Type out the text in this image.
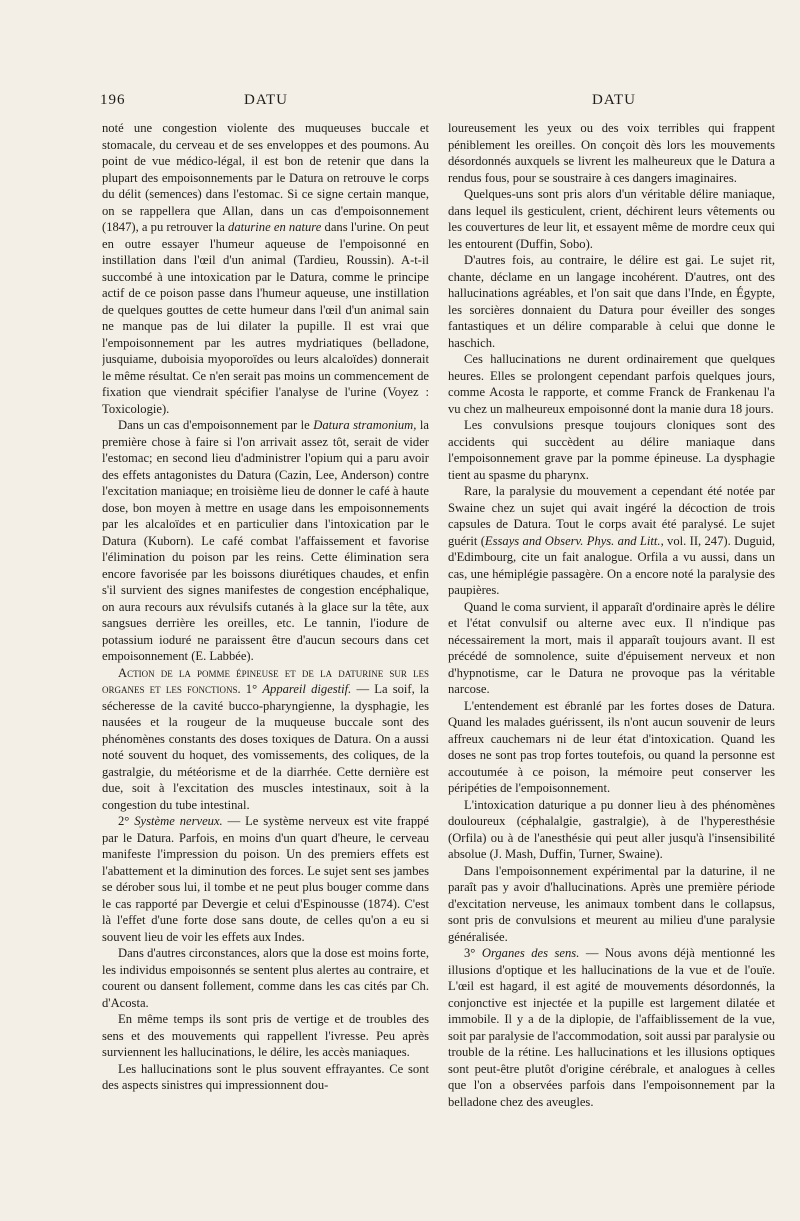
196	DATU	DATU

noté une congestion violente des muqueuses buccale et stomacale, du cerveau et de ses enveloppes et des poumons. Au point de vue médico-légal, il est bon de retenir que dans la plupart des empoisonnements par le Datura on retrouve le corps du délit (semences) dans l'estomac. Si ce signe certain manque, on se rappellera que Allan, dans un cas d'empoisonnement (1847), a pu retrouver la daturine en nature dans l'urine. On peut en outre essayer l'humeur aqueuse de l'empoisonné en instillation dans l'œil d'un animal (Tardieu, Roussin). A-t-il succombé à une intoxication par le Datura, comme le principe actif de ce poison passe dans l'humeur aqueuse, une instillation de quelques gouttes de cette humeur dans l'œil d'un animal sain ne manque pas de lui dilater la pupille. Il est vrai que l'empoisonnement par les autres mydriatiques (belladone, jusquiame, duboisia myoporoïdes ou leurs alcaloïdes) donnerait le même résultat. Ce n'en serait pas moins un commencement de fixation que viendrait spécifier l'analyse de l'urine (Voyez : Toxicologie).

Dans un cas d'empoisonnement par le Datura stramonium, la première chose à faire si l'on arrivait assez tôt, serait de vider l'estomac; en second lieu d'administrer l'opium qui a paru avoir des effets antagonistes du Datura (Cazin, Lee, Anderson) contre l'excitation maniaque; en troisième lieu de donner le café à haute dose, bon moyen à mettre en usage dans les empoisonnements par les alcaloïdes et en particulier dans l'intoxication par le Datura (Kuborn). Le café combat l'affaissement et favorise l'élimination du poison par les reins. Cette élimination sera encore favorisée par les boissons diurétiques chaudes, et enfin s'il survient des signes manifestes de congestion encéphalique, on aura recours aux révulsifs cutanés à la glace sur la tête, aux sangsues derrière les oreilles, etc. Le tannin, l'iodure de potassium ioduré ne paraissent être d'aucun secours dans cet empoisonnement (E. Labbée).

Action de la pomme épineuse et de la daturine sur les organes et les fonctions. 1° Appareil digestif. — La soif, la sécheresse de la cavité bucco-pharyngienne, la dysphagie, les nausées et la rougeur de la muqueuse buccale sont des phénomènes constants des doses toxiques de Datura. On a aussi noté souvent du hoquet, des vomissements, des coliques, de la gastralgie, du météorisme et de la diarrhée. Cette dernière est due, soit à l'excitation des muscles intestinaux, soit à la congestion du tube intestinal.

2° Système nerveux. — Le système nerveux est vite frappé par le Datura. Parfois, en moins d'un quart d'heure, le cerveau manifeste l'impression du poison. Un des premiers effets est l'abattement et la diminution des forces. Le sujet sent ses jambes se dérober sous lui, il tombe et ne peut plus bouger comme dans le cas rapporté par Devergie et celui d'Espinousse (1874). C'est là l'effet d'une forte dose sans doute, de celles qu'on a eu si souvent lieu de voir les effets aux Indes.

Dans d'autres circonstances, alors que la dose est moins forte, les individus empoisonnés se sentent plus alertes au contraire, et courent ou dansent follement, comme dans les cas cités par Ch. d'Acosta.

En même temps ils sont pris de vertige et de troubles des sens et des mouvements qui rappellent l'ivresse. Peu après surviennent les hallucinations, le délire, les accès maniaques.

Les hallucinations sont le plus souvent effrayantes. Ce sont des aspects sinistres qui impressionnent dou-

loureusement les yeux ou des voix terribles qui frappent péniblement les oreilles. On conçoit dès lors les mouvements désordonnés auxquels se livrent les malheureux que le Datura a rendus fous, pour se soustraire à ces dangers imaginaires.

Quelques-uns sont pris alors d'un véritable délire maniaque, dans lequel ils gesticulent, crient, déchirent leurs vêtements ou les couvertures de leur lit, et essayent même de mordre ceux qui les entourent (Duffin, Sobo).

D'autres fois, au contraire, le délire est gai. Le sujet rit, chante, déclame en un langage incohérent. D'autres, ont des hallucinations agréables, et l'on sait que dans l'Inde, en Égypte, les sorcières donnaient du Datura pour éveiller des songes fantastiques et un délire comparable à celui que donne le haschich.

Ces hallucinations ne durent ordinairement que quelques heures. Elles se prolongent cependant parfois quelques jours, comme Acosta le rapporte, et comme Franck de Frankenau l'a vu chez un malheureux empoisonné dont la manie dura 18 jours.

Les convulsions presque toujours cloniques sont des accidents qui succèdent au délire maniaque dans l'empoisonnement grave par la pomme épineuse. La dysphagie tient au spasme du pharynx.

Rare, la paralysie du mouvement a cependant été notée par Swaine chez un sujet qui avait ingéré la décoction de trois capsules de Datura. Tout le corps avait été paralysé. Le sujet guérit (Essays and Observ. Phys. and Litt., vol. II, 247). Duguid, d'Edimbourg, cite un fait analogue. Orfila a vu aussi, dans un cas, une hémiplégie passagère. On a encore noté la paralysie des paupières.

Quand le coma survient, il apparaît d'ordinaire après le délire et l'état convulsif ou alterne avec eux. Il n'indique pas nécessairement la mort, mais il apparaît toujours avant. Il est précédé de somnolence, suite d'épuisement nerveux et non d'hypnotisme, car le Datura ne provoque pas la véritable narcose.

L'entendement est ébranlé par les fortes doses de Datura. Quand les malades guérissent, ils n'ont aucun souvenir de leurs affreux cauchemars ni de leur état d'intoxication. Quand les doses ne sont pas trop fortes toutefois, ou quand la personne est accoutumée à ce poison, la mémoire peut conserver les péripéties de l'empoisonnement.

L'intoxication daturique a pu donner lieu à des phénomènes douloureux (céphalalgie, gastralgie), à de l'hyperesthésie (Orfila) ou à de l'anesthésie qui peut aller jusqu'à l'insensibilité absolue (J. Mash, Duffin, Turner, Swaine).

Dans l'empoisonnement expérimental par la daturine, il ne paraît pas y avoir d'hallucinations. Après une première période d'excitation nerveuse, les animaux tombent dans le collapsus, sont pris de convulsions et meurent au milieu d'une paralysie généralisée.

3° Organes des sens. — Nous avons déjà mentionné les illusions d'optique et les hallucinations de la vue et de l'ouïe. L'œil est hagard, il est agité de mouvements désordonnés, la conjonctive est injectée et la pupille est largement dilatée et immobile. Il y a de la diplopie, de l'affaiblissement de la vue, soit par paralysie de l'accommodation, soit aussi par paralysie ou trouble de la rétine. Les hallucinations et les illusions optiques sont peut-être plutôt d'origine cérébrale, et analogues à celles que l'on a observées parfois dans l'empoisonnement par la belladone chez des aveugles.
